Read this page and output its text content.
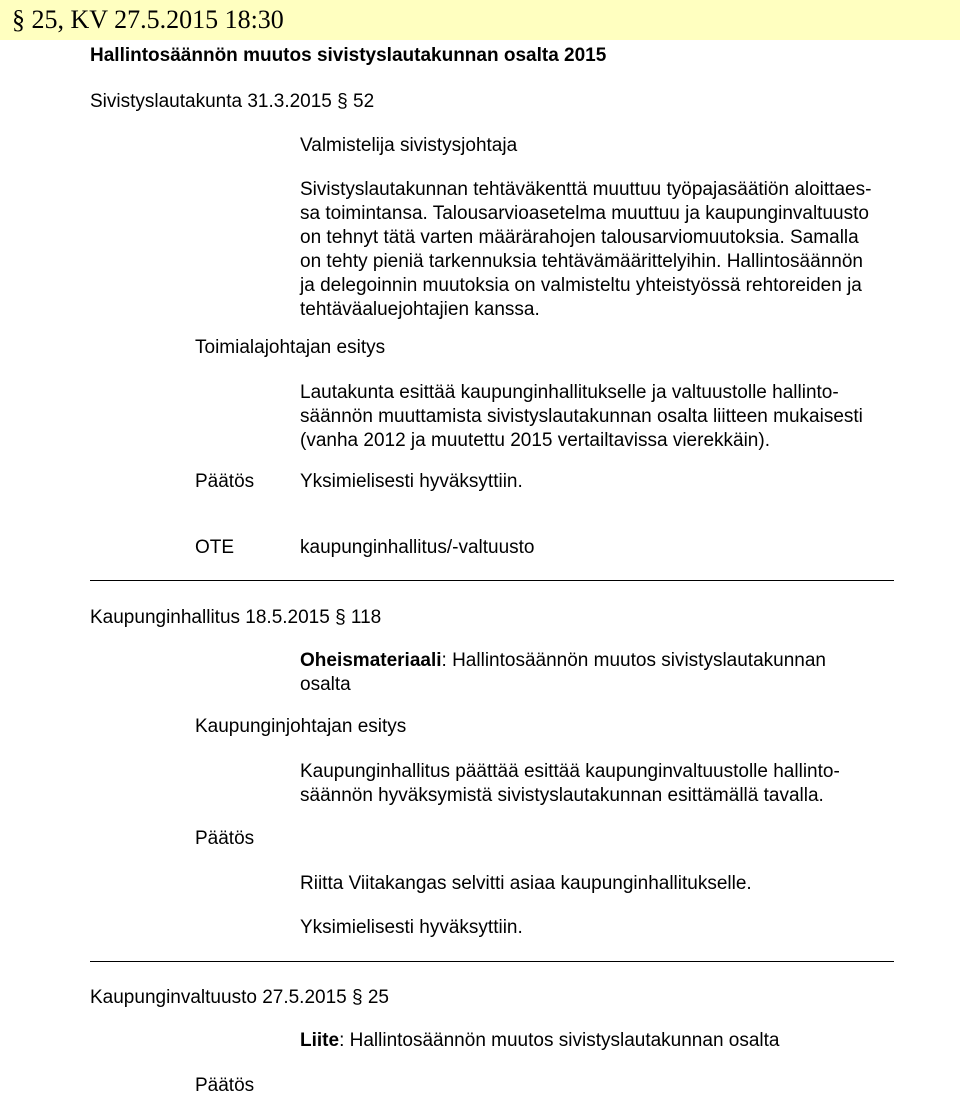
§ 25, KV 27.5.2015 18:30
Hallintosäännön muutos sivistyslautakunnan osalta 2015
Sivistyslautakunta 31.3.2015 § 52
Valmistelija sivistysjohtaja
Sivistyslautakunnan tehtäväkenttä muuttuu työpajasäätiön aloittaes-
sa toimintansa. Talousarvioasetelma muuttuu ja kaupunginvaltuusto
on tehnyt tätä varten määrärahojen talousarviomuutoksia. Samalla
on tehty pieniä tarkennuksia tehtävämäärittelyihin. Hallintosäännön
ja delegoinnin muutoksia on valmisteltu yhteistyössä rehtoreiden ja
tehtäväaluejohtajien kanssa.
Toimialajohtajan esitys
Lautakunta esittää kaupunginhallitukselle ja valtuustolle hallinto-
säännön muuttamista sivistyslautakunnan osalta liitteen mukaisesti
(vanha 2012 ja muutettu 2015 vertailtavissa vierekkäin).
Päätös Yksimielisesti hyväksyttiin.
OTE	kaupunginhallitus/-valtuusto
Kaupunginhallitus 18.5.2015 § 118
Oheismateriaali: Hallintosäännön muutos sivistyslautakunnan
osalta
Kaupunginjohtajan esitys
Kaupunginhallitus päättää esittää kaupunginvaltuustolle hallinto-
säännön hyväksymistä sivistyslautakunnan esittämällä tavalla.
Päätös
Riitta Viitakangas selvitti asiaa kaupunginhallitukselle.
Yksimielisesti hyväksyttiin.
Kaupunginvaltuusto 27.5.2015 § 25
Liite: Hallintosäännön muutos sivistyslautakunnan osalta
Päätös
